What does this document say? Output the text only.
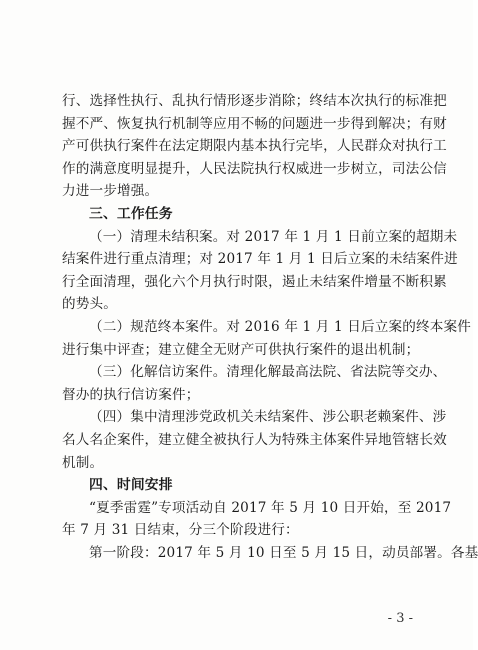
行、选择性执行、乱执行情形逐步消除；终结本次执行的标准把
握不严、恢复执行机制等应用不畅的问题进一步得到解决；有财
产可供执行案件在法定期限内基本执行完毕，人民群众对执行工
作的满意度明显提升，人民法院执行权威进一步树立，司法公信
力进一步增强。
三、工作任务
（一）清理未结积案。对 2017 年 1 月 1 日前立案的超期未
结案件进行重点清理；对 2017 年 1 月 1 日后立案的未结案件进
行全面清理，强化六个月执行时限，遏止未结案件增量不断积累
的势头。
（二）规范终本案件。对 2016 年 1 月 1 日后立案的终本案件
进行集中评查；建立健全无财产可供执行案件的退出机制；
（三）化解信访案件。清理化解最高法院、省法院等交办、
督办的执行信访案件；
（四）集中清理涉党政机关未结案件、涉公职老赖案件、涉
名人名企案件，建立健全被执行人为特殊主体案件异地管辖长效
机制。
四、时间安排
“夏季雷霆”专项活动自 2017 年 5 月 10 日开始，至 2017
年 7 月 31 日结束，分三个阶段进行：
第一阶段：2017 年 5 月 10 日至 5 月 15 日，动员部署。各基
- 3 -
